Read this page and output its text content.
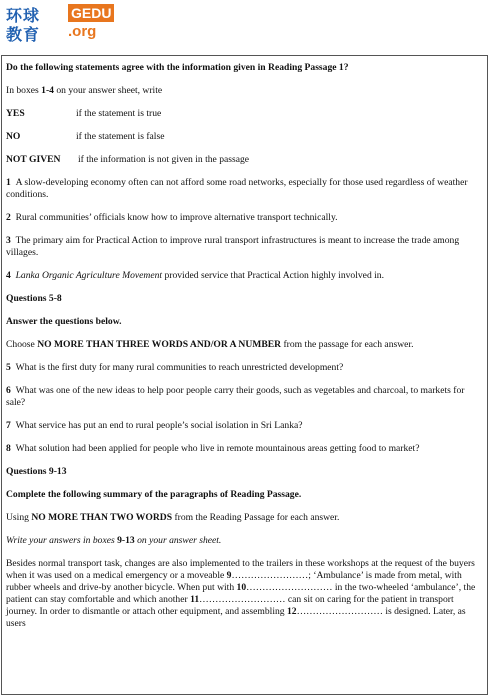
环球
教育
GEDU
.org

Do the following statements agree with the information given in Reading Passage 1?

In boxes 1-4 on your answer sheet, write

YES	if the statement is true
NO	if the statement is false
NOT GIVEN	if the information is not given in the passage

1 A slow-developing economy often can not afford some road networks, especially for those used regardless of weather conditions.

2 Rural communities’ officials know how to improve alternative transport technically.

3 The primary aim for Practical Action to improve rural transport infrastructures is meant to increase the trade among villages.

4 Lanka Organic Agriculture Movement provided service that Practical Action highly involved in.

Questions 5-8

Answer the questions below.

Choose NO MORE THAN THREE WORDS AND/OR A NUMBER from the passage for each answer.

5 What is the first duty for many rural communities to reach unrestricted development?

6 What was one of the new ideas to help poor people carry their goods, such as vegetables and charcoal, to markets for sale?

7 What service has put an end to rural people’s social isolation in Sri Lanka?

8 What solution had been applied for people who live in remote mountainous areas getting food to market?

Questions 9-13

Complete the following summary of the paragraphs of Reading Passage.

Using NO MORE THAN TWO WORDS from the Reading Passage for each answer.

Write your answers in boxes 9-13 on your answer sheet.

Besides normal transport task, changes are also implemented to the trailers in these workshops at the request of the buyers when it was used on a medical emergency or a moveable 9……………………; ‘Ambulance’ is made from metal, with rubber wheels and drive-by another bicycle. When put with 10……………………… in the two-wheeled ‘ambulance’, the patient can stay comfortable and which another 11……………………… can sit on caring for the patient in transport journey. In order to dismantle or attach other equipment, and assembling 12……………………… is designed. Later, as users
